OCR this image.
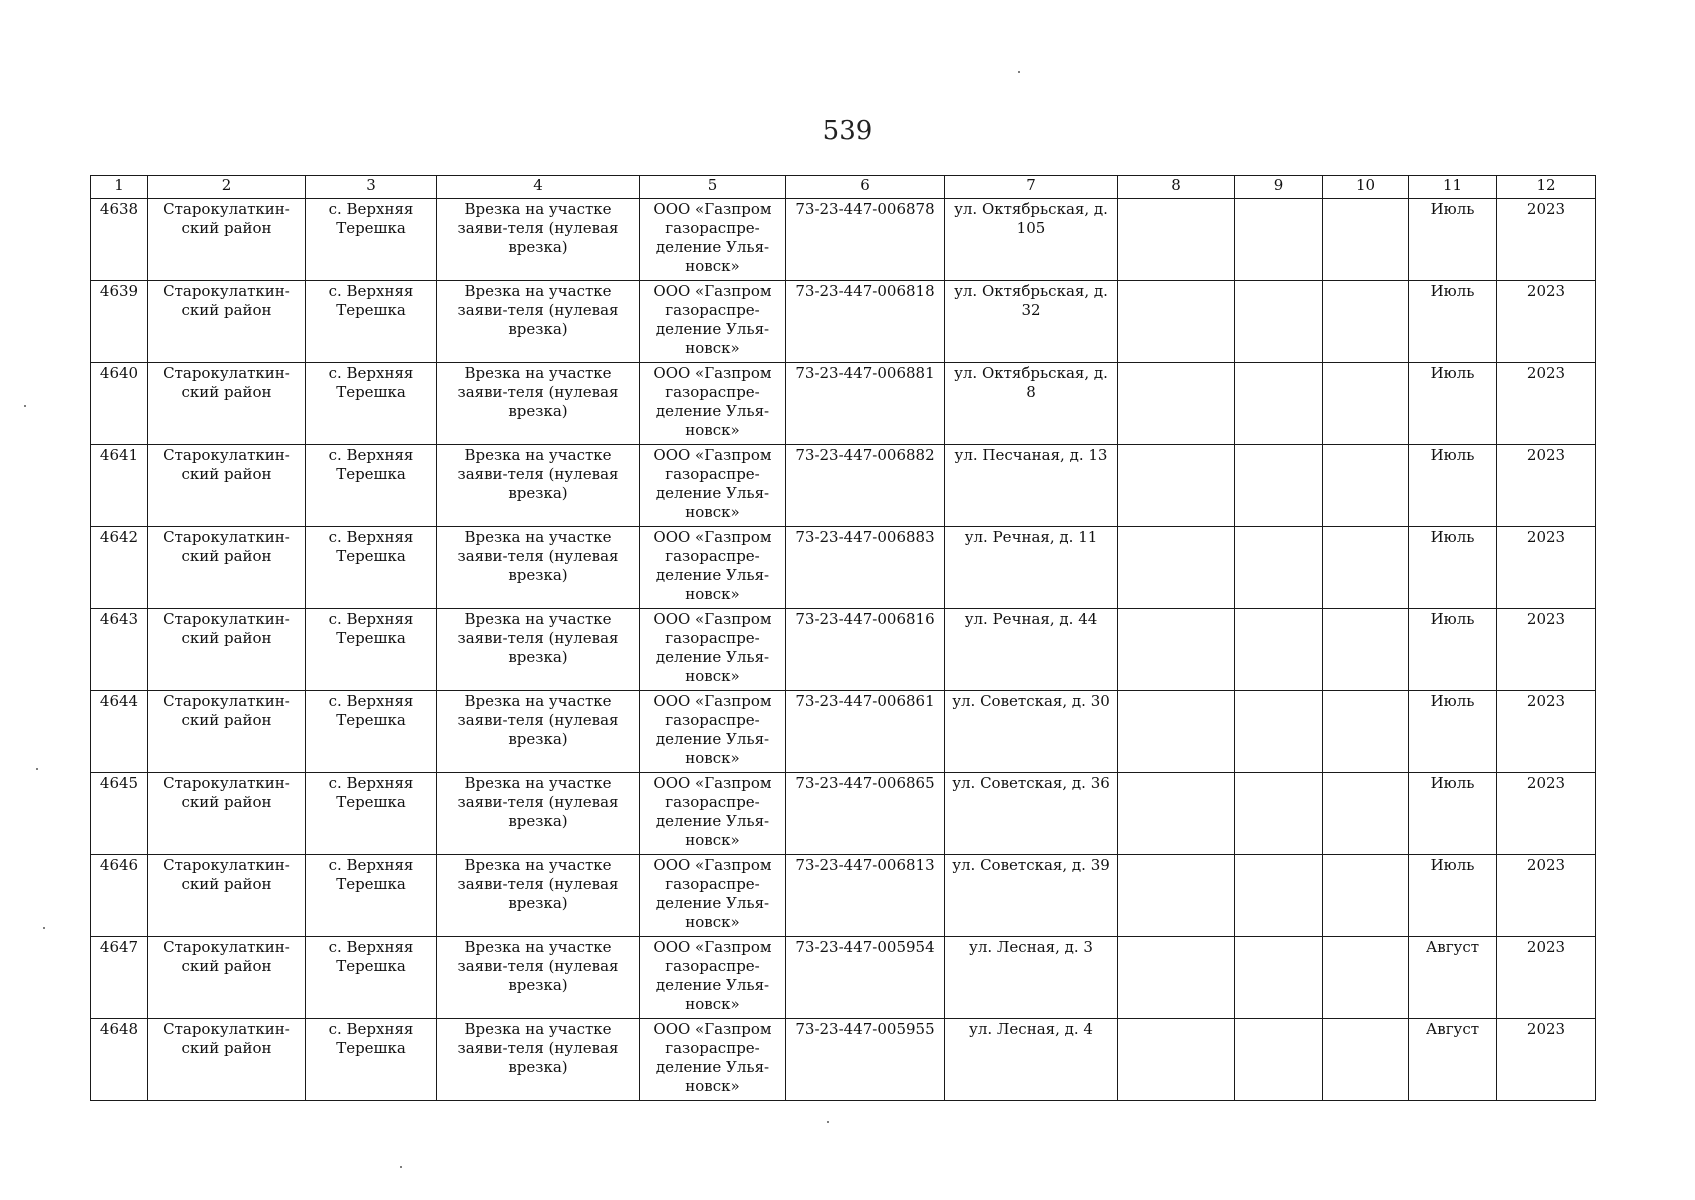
539
1	2	3	4	5	6	7	8	9	10	11	12
4638	Старокулаткин-ский район	с. Верхняя Терешка	Врезка на участке заяви-теля (нулевая врезка)	ООО «Газпром газораспре-деление Улья-новск»	73-23-447-006878	ул. Октябрьская, д. 105				Июль	2023
4639	Старокулаткин-ский район	с. Верхняя Терешка	Врезка на участке заяви-теля (нулевая врезка)	ООО «Газпром газораспре-деление Улья-новск»	73-23-447-006818	ул. Октябрьская, д. 32				Июль	2023
4640	Старокулаткин-ский район	с. Верхняя Терешка	Врезка на участке заяви-теля (нулевая врезка)	ООО «Газпром газораспре-деление Улья-новск»	73-23-447-006881	ул. Октябрьская, д. 8				Июль	2023
4641	Старокулаткин-ский район	с. Верхняя Терешка	Врезка на участке заяви-теля (нулевая врезка)	ООО «Газпром газораспре-деление Улья-новск»	73-23-447-006882	ул. Песчаная, д. 13				Июль	2023
4642	Старокулаткин-ский район	с. Верхняя Терешка	Врезка на участке заяви-теля (нулевая врезка)	ООО «Газпром газораспре-деление Улья-новск»	73-23-447-006883	ул. Речная, д. 11				Июль	2023
4643	Старокулаткин-ский район	с. Верхняя Терешка	Врезка на участке заяви-теля (нулевая врезка)	ООО «Газпром газораспре-деление Улья-новск»	73-23-447-006816	ул. Речная, д. 44				Июль	2023
4644	Старокулаткин-ский район	с. Верхняя Терешка	Врезка на участке заяви-теля (нулевая врезка)	ООО «Газпром газораспре-деление Улья-новск»	73-23-447-006861	ул. Советская, д. 30				Июль	2023
4645	Старокулаткин-ский район	с. Верхняя Терешка	Врезка на участке заяви-теля (нулевая врезка)	ООО «Газпром газораспре-деление Улья-новск»	73-23-447-006865	ул. Советская, д. 36				Июль	2023
4646	Старокулаткин-ский район	с. Верхняя Терешка	Врезка на участке заяви-теля (нулевая врезка)	ООО «Газпром газораспре-деление Улья-новск»	73-23-447-006813	ул. Советская, д. 39				Июль	2023
4647	Старокулаткин-ский район	с. Верхняя Терешка	Врезка на участке заяви-теля (нулевая врезка)	ООО «Газпром газораспре-деление Улья-новск»	73-23-447-005954	ул. Лесная, д. 3				Август	2023
4648	Старокулаткин-ский район	с. Верхняя Терешка	Врезка на участке заяви-теля (нулевая врезка)	ООО «Газпром газораспре-деление Улья-новск»	73-23-447-005955	ул. Лесная, д. 4				Август	2023
